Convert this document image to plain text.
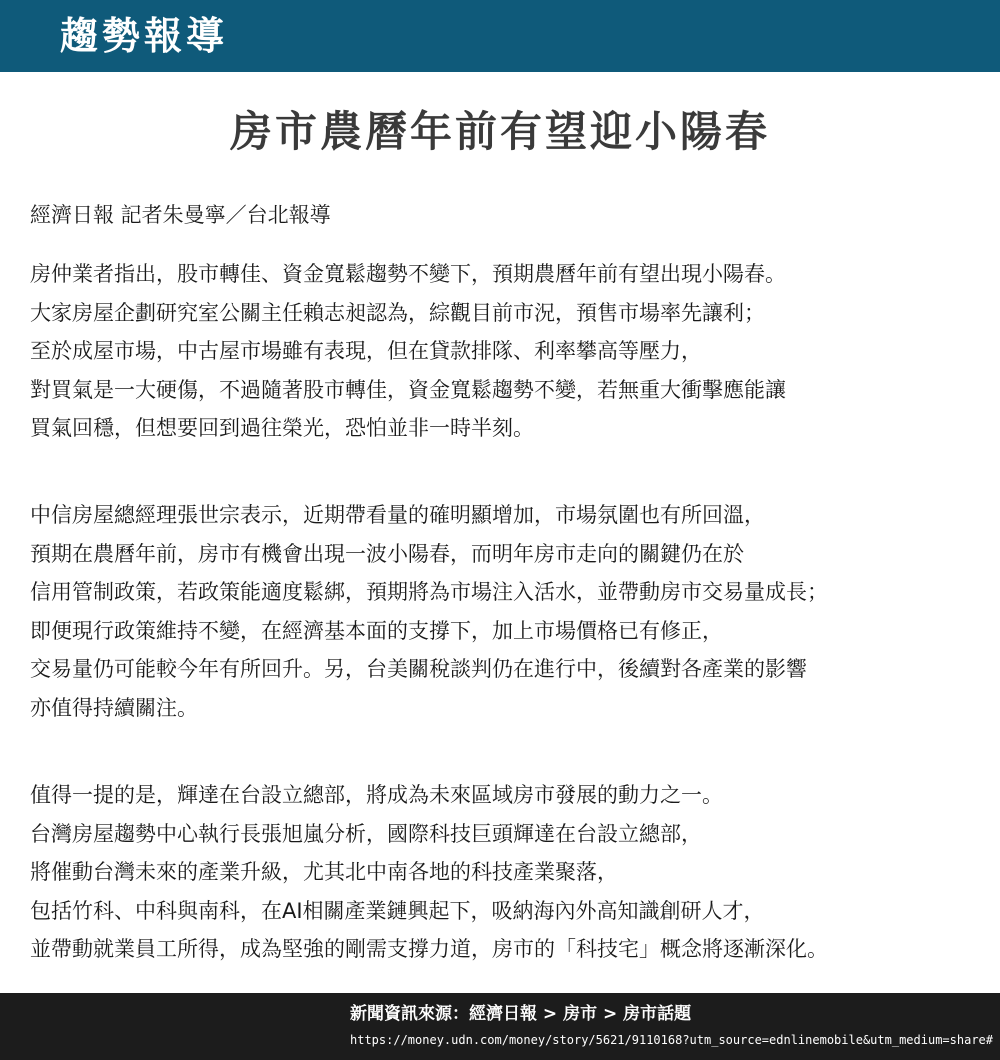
趨勢報導
房市農曆年前有望迎小陽春
經濟日報 記者朱曼寧／台北報導
房仲業者指出，股市轉佳、資金寬鬆趨勢不變下，預期農曆年前有望出現小陽春。
大家房屋企劃研究室公關主任賴志昶認為，綜觀目前市況，預售市場率先讓利；
至於成屋市場，中古屋市場雖有表現，但在貸款排隊、利率攀高等壓力，
對買氣是一大硬傷，不過隨著股市轉佳，資金寬鬆趨勢不變，若無重大衝擊應能讓
買氣回穩，但想要回到過往榮光，恐怕並非一時半刻。
中信房屋總經理張世宗表示，近期帶看量的確明顯增加，市場氛圍也有所回溫，
預期在農曆年前，房市有機會出現一波小陽春，而明年房市走向的關鍵仍在於
信用管制政策，若政策能適度鬆綁，預期將為市場注入活水，並帶動房市交易量成長；
即便現行政策維持不變，在經濟基本面的支撐下，加上市場價格已有修正，
交易量仍可能較今年有所回升。另，台美關稅談判仍在進行中，後續對各產業的影響
亦值得持續關注。
值得一提的是，輝達在台設立總部，將成為未來區域房市發展的動力之一。
台灣房屋趨勢中心執行長張旭嵐分析，國際科技巨頭輝達在台設立總部，
將催動台灣未來的產業升級，尤其北中南各地的科技產業聚落，
包括竹科、中科與南科，在AI相關產業鏈興起下，吸納海內外高知識創研人才，
並帶動就業員工所得，成為堅強的剛需支撐力道，房市的「科技宅」概念將逐漸深化。
新聞資訊來源：經濟日報 > 房市 > 房市話題
https://money.udn.com/money/story/5621/9110168?utm_source=ednlinemobile&utm_medium=share#
